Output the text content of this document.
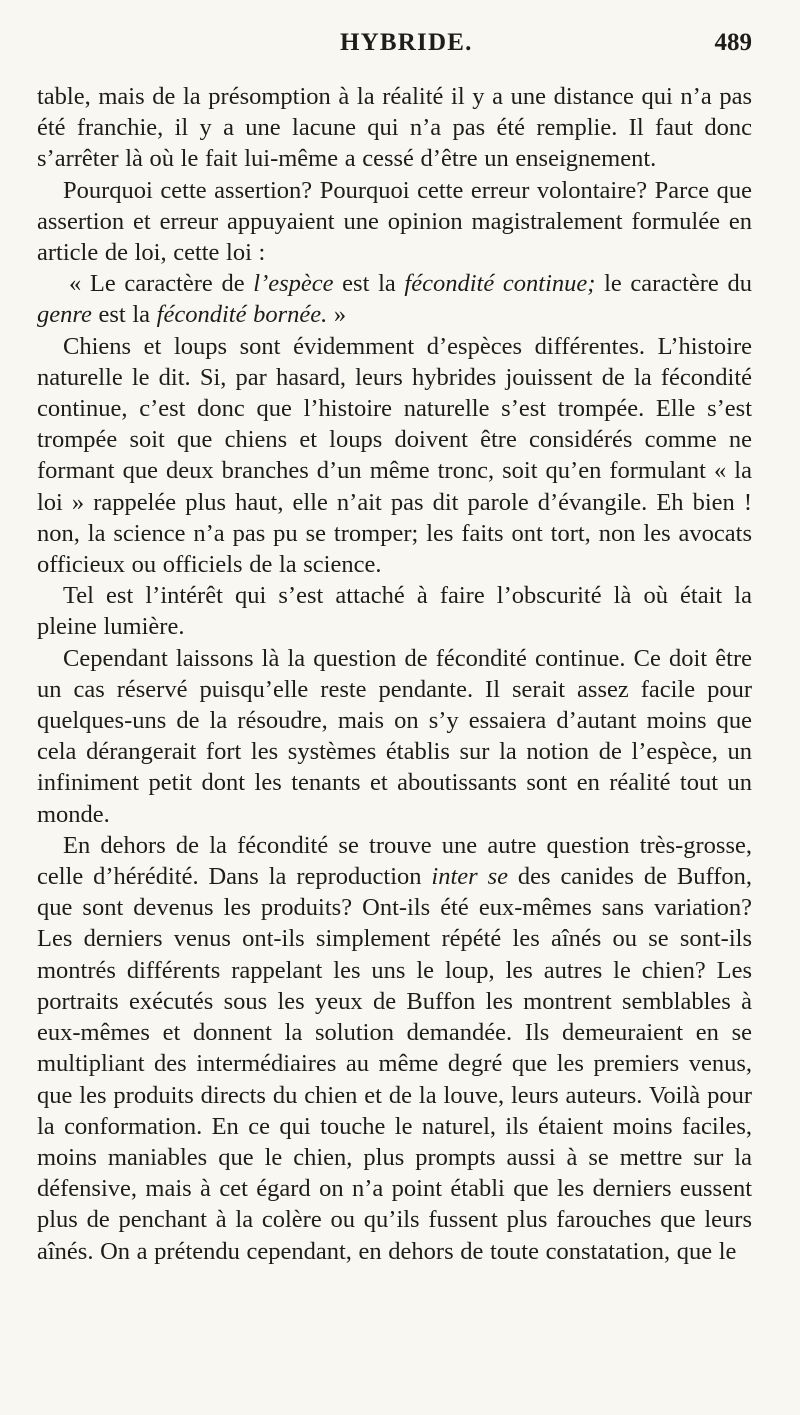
HYBRIDE.	489

table, mais de la présomption à la réalité il y a une distance qui n’a pas été franchie, il y a une lacune qui n’a pas été remplie. Il faut donc s’arrêter là où le fait lui-même a cessé d’être un enseignement.

Pourquoi cette assertion? Pourquoi cette erreur volontaire? Parce que assertion et erreur appuyaient une opinion magistralement formulée en article de loi, cette loi :

« Le caractère de l’espèce est la fécondité continue; le caractère du genre est la fécondité bornée. »

Chiens et loups sont évidemment d’espèces différentes. L’histoire naturelle le dit. Si, par hasard, leurs hybrides jouissent de la fécondité continue, c’est donc que l’histoire naturelle s’est trompée. Elle s’est trompée soit que chiens et loups doivent être considérés comme ne formant que deux branches d’un même tronc, soit qu’en formulant « la loi » rappelée plus haut, elle n’ait pas dit parole d’évangile. Eh bien ! non, la science n’a pas pu se tromper; les faits ont tort, non les avocats officieux ou officiels de la science.

Tel est l’intérêt qui s’est attaché à faire l’obscurité là où était la pleine lumière.

Cependant laissons là la question de fécondité continue. Ce doit être un cas réservé puisqu’elle reste pendante. Il serait assez facile pour quelques-uns de la résoudre, mais on s’y essaiera d’autant moins que cela dérangerait fort les systèmes établis sur la notion de l’espèce, un infiniment petit dont les tenants et aboutissants sont en réalité tout un monde.

En dehors de la fécondité se trouve une autre question très-grosse, celle d’hérédité. Dans la reproduction inter se des canides de Buffon, que sont devenus les produits? Ont-ils été eux-mêmes sans variation? Les derniers venus ont-ils simplement répété les aînés ou se sont-ils montrés différents rappelant les uns le loup, les autres le chien? Les portraits exécutés sous les yeux de Buffon les montrent semblables à eux-mêmes et donnent la solution demandée. Ils demeuraient en se multipliant des intermédiaires au même degré que les premiers venus, que les produits directs du chien et de la louve, leurs auteurs. Voilà pour la conformation. En ce qui touche le naturel, ils étaient moins faciles, moins maniables que le chien, plus prompts aussi à se mettre sur la défensive, mais à cet égard on n’a point établi que les derniers eussent plus de penchant à la colère ou qu’ils fussent plus farouches que leurs aînés. On a prétendu cependant, en dehors de toute constatation, que le
